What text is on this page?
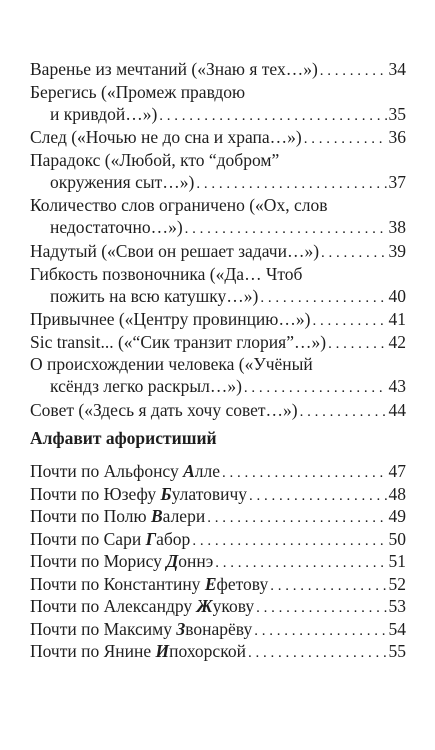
Варенье из мечтаний («Знаю я тех…») . . .	34
Берегись («Промеж правдою
и кривдой…») . . .	35
След («Ночью не до сна и храпа…») . . .	36
Парадокс («Любой, кто “добром”
окружения сыт…») . . .	37
Количество слов ограничено («Ох, слов
недостаточно…») . . .	38
Надутый («Свои он решает задачи…») . . .	39
Гибкость позвоночника («Да… Чтоб
пожить на всю катушку…») . . .	40
Привычнее («Центру провинцию…») . . .	41
Sic transit... («“Сик транзит глория”…») . . .	42
О происхождении человека («Учёный
ксёндз легко раскрыл…») . . .	43
Совет («Здесь я дать хочу совет…») . . .	44
Алфавит афористиший
Почти по Альфонсу Алле . . .	47
Почти по Юзефу Булатовичу . . .	48
Почти по Полю Валери . . .	49
Почти по Сари Габор . . .	50
Почти по Морису Доннэ . . .	51
Почти по Константину Ефетову . . .	52
Почти по Александру Жукову . . .	53
Почти по Максиму Звонарёву . . .	54
Почти по Янине Ипохорской . . .	55
